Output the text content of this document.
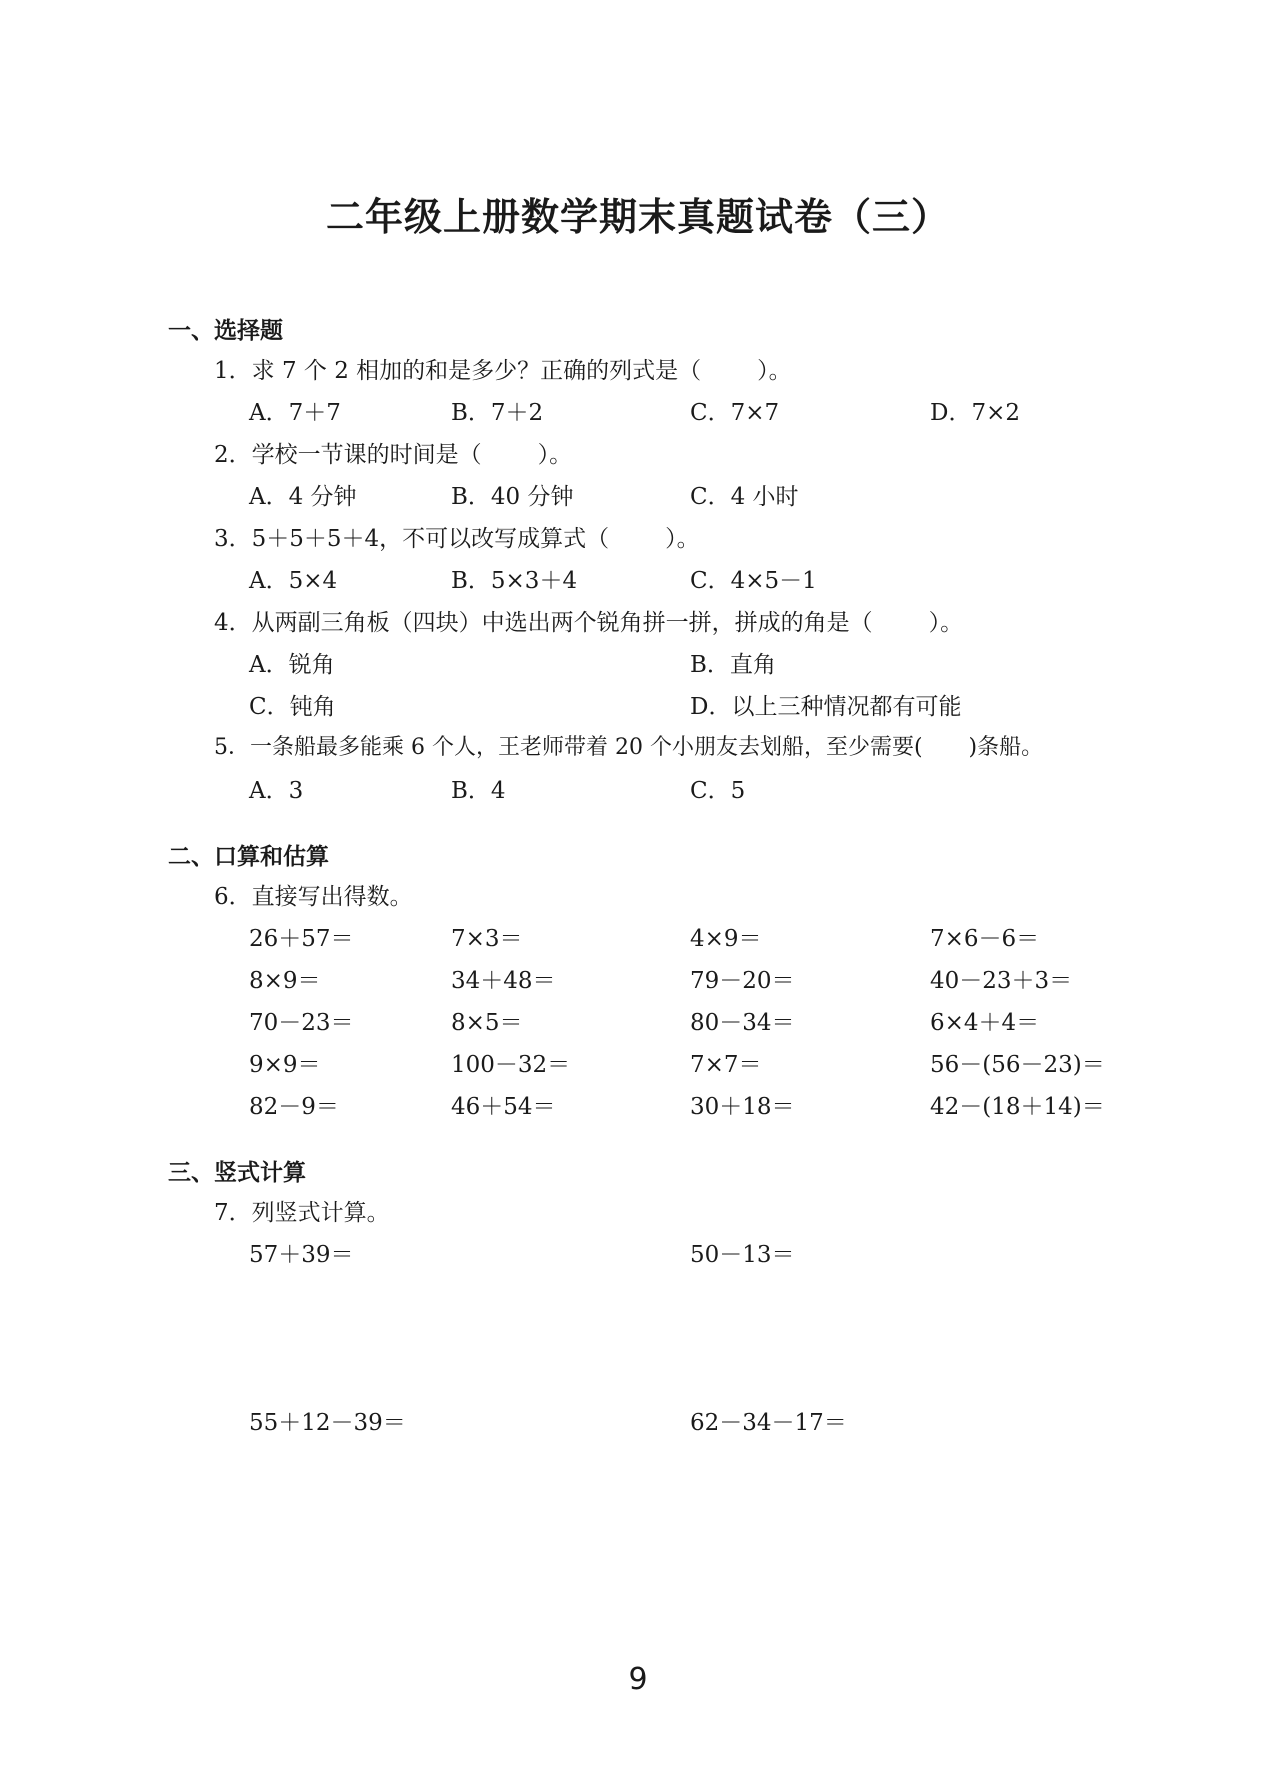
二年级上册数学期末真题试卷（三）
一、选择题
1．求 7 个 2 相加的和是多少？正确的列式是（ ）。
A．7＋7	B．7＋2	C．7×7	D．7×2
2．学校一节课的时间是（ ）。
A．4 分钟	B．40 分钟	C．4 小时
3．5＋5＋5＋4，不可以改写成算式（ ）。
A．5×4	B．5×3＋4	C．4×5－1
4．从两副三角板（四块）中选出两个锐角拼一拼，拼成的角是（ ）。
A．锐角	B．直角
C．钝角	D．以上三种情况都有可能
5．一条船最多能乘 6 个人，王老师带着 20 个小朋友去划船，至少需要( )条船。
A．3	B．4	C．5
二、口算和估算
6．直接写出得数。
26＋57＝	7×3＝	4×9＝	7×6－6＝
8×9＝	34＋48＝	79－20＝	40－23＋3＝
70－23＝	8×5＝	80－34＝	6×4＋4＝
9×9＝	100－32＝	7×7＝	56－(56－23)＝
82－9＝	46＋54＝	30＋18＝	42－(18＋14)＝
三、竖式计算
7．列竖式计算。
57＋39＝	50－13＝
55＋12－39＝	62－34－17＝
9
